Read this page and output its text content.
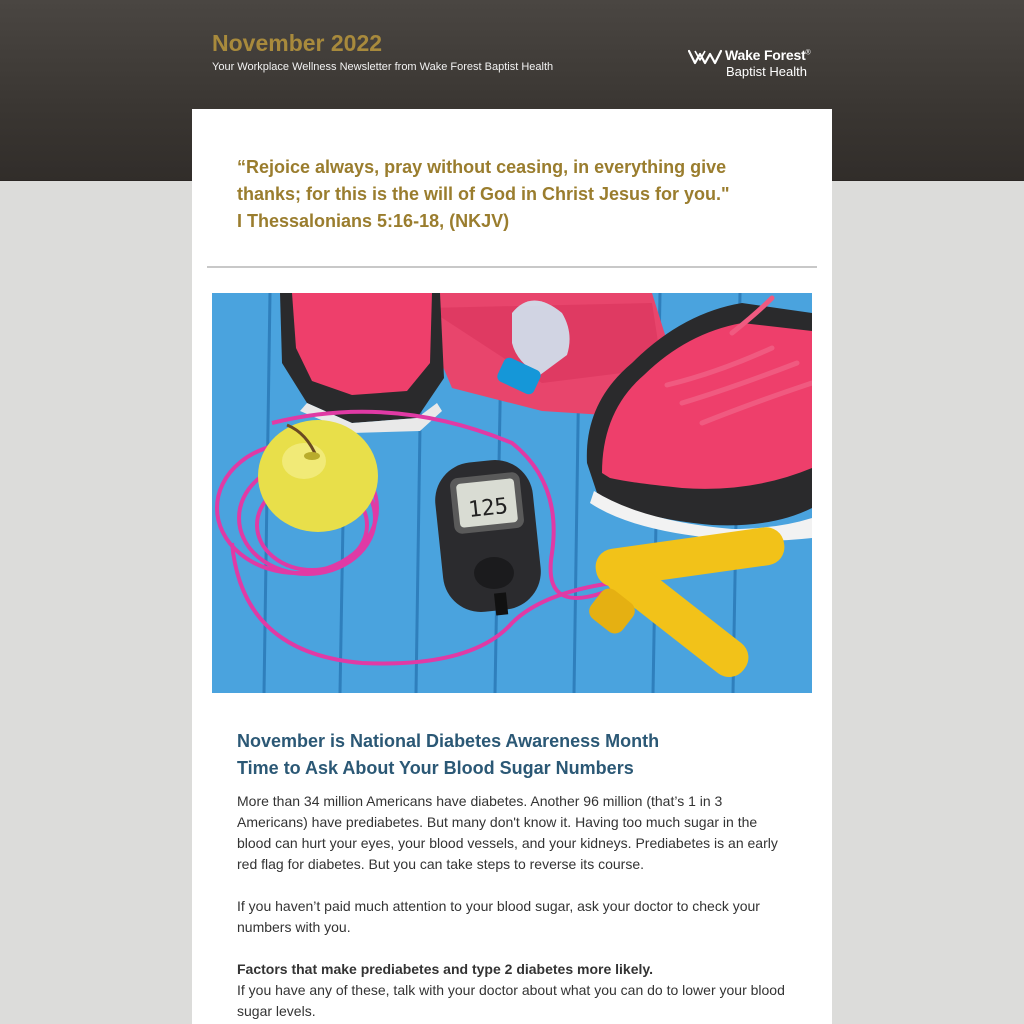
November 2022

Your Workplace Wellness Newsletter from Wake Forest Baptist Health

Wake Forest®
Baptist Health
“Rejoice always, pray without ceasing, in everything give
thanks; for this is the will of God in Christ Jesus for you."
I Thessalonians 5:16-18, (NKJV)
125
November is National Diabetes Awareness Month
Time to Ask About Your Blood Sugar Numbers

More than 34 million Americans have diabetes. Another 96 million (that’s 1 in 3 Americans) have prediabetes. But many don't know it. Having too much sugar in the blood can hurt your eyes, your blood vessels, and your kidneys. Prediabetes is an early red flag for diabetes. But you can take steps to reverse its course.

If you haven’t paid much attention to your blood sugar, ask your doctor to check your numbers with you.

Factors that make prediabetes and type 2 diabetes more likely.
If you have any of these, talk with your doctor about what you can do to lower your blood sugar levels.
